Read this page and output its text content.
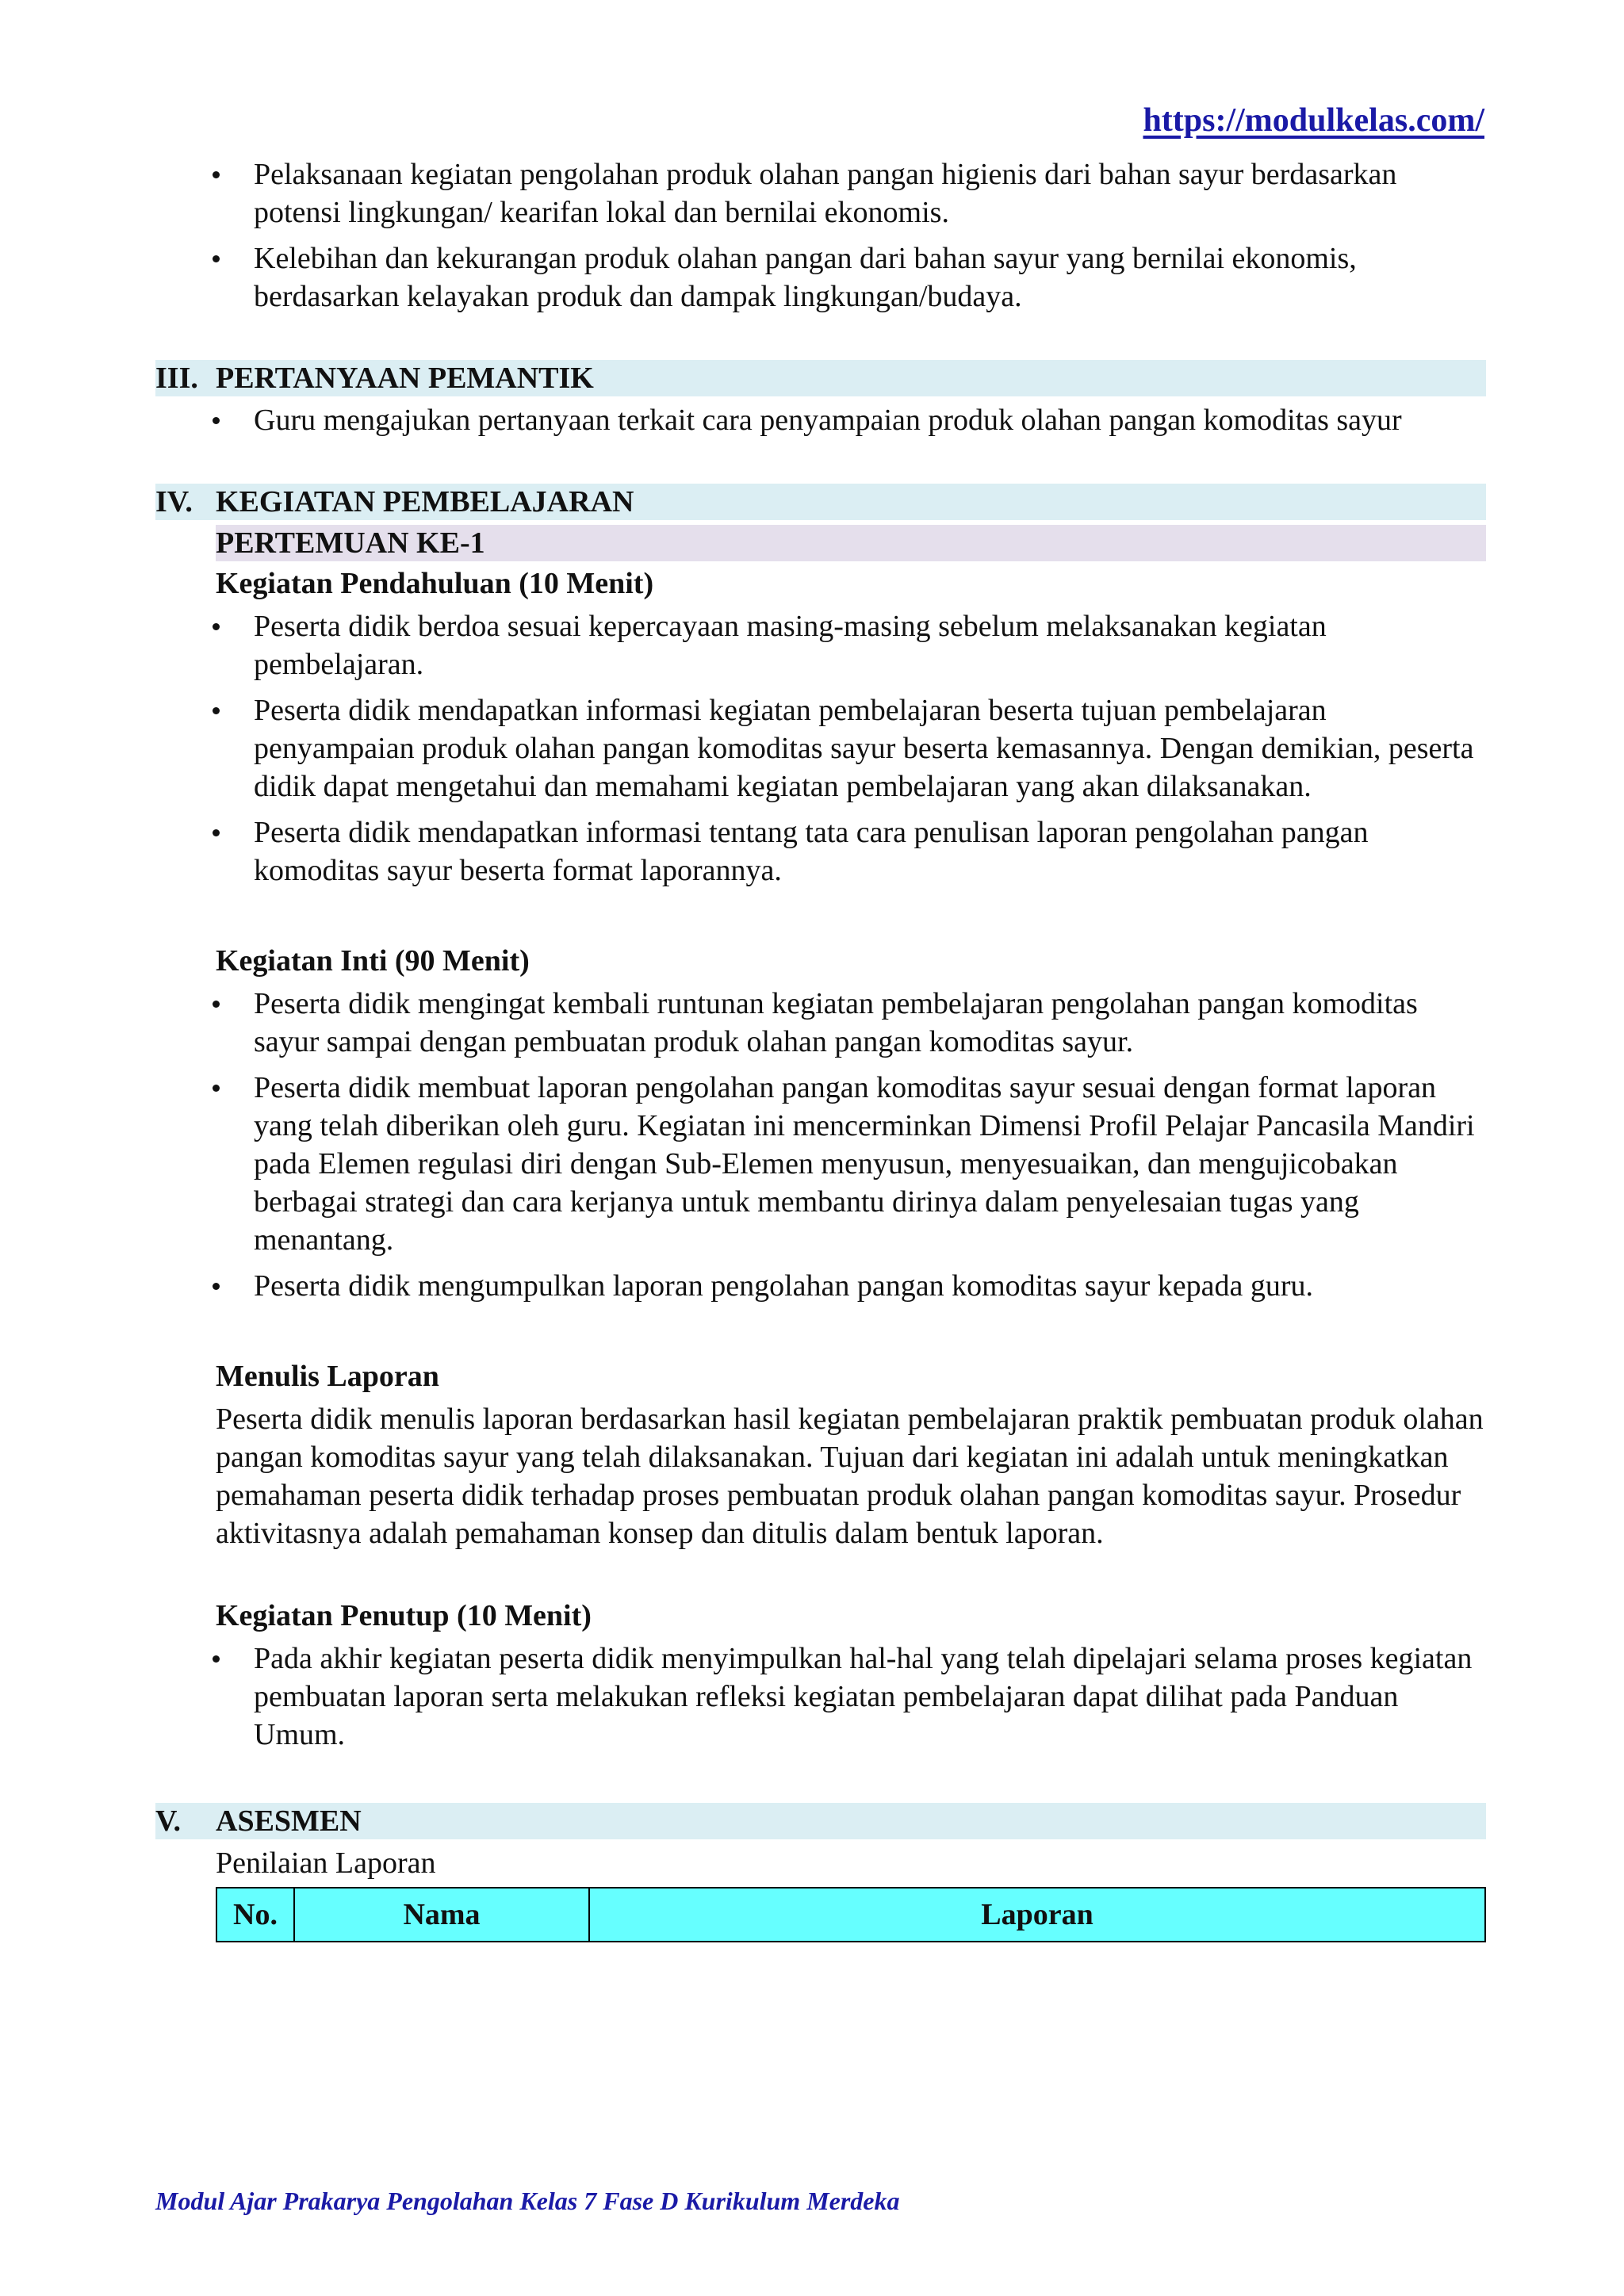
https://modulkelas.com/
Pelaksanaan kegiatan pengolahan produk olahan pangan higienis dari bahan sayur berdasarkan potensi lingkungan/ kearifan lokal dan bernilai ekonomis.
Kelebihan dan kekurangan produk olahan pangan dari bahan sayur yang bernilai ekonomis, berdasarkan kelayakan produk dan dampak lingkungan/budaya.
III. PERTANYAAN PEMANTIK
Guru mengajukan pertanyaan terkait cara penyampaian produk olahan pangan komoditas sayur
IV. KEGIATAN PEMBELAJARAN
PERTEMUAN KE-1
Kegiatan Pendahuluan (10 Menit)
Peserta didik berdoa sesuai kepercayaan masing-masing sebelum melaksanakan kegiatan pembelajaran.
Peserta didik mendapatkan informasi kegiatan pembelajaran beserta tujuan pembelajaran penyampaian produk olahan pangan komoditas sayur beserta kemasannya. Dengan demikian, peserta didik dapat mengetahui dan memahami kegiatan pembelajaran yang akan dilaksanakan.
Peserta didik mendapatkan informasi tentang tata cara penulisan laporan pengolahan pangan komoditas sayur beserta format laporannya.
Kegiatan Inti (90 Menit)
Peserta didik mengingat kembali runtunan kegiatan pembelajaran pengolahan pangan komoditas sayur sampai dengan pembuatan produk olahan pangan komoditas sayur.
Peserta didik membuat laporan pengolahan pangan komoditas sayur sesuai dengan format laporan yang telah diberikan oleh guru. Kegiatan ini mencerminkan Dimensi Profil Pelajar Pancasila Mandiri pada Elemen regulasi diri dengan Sub-Elemen menyusun, menyesuaikan, dan mengujicobakan berbagai strategi dan cara kerjanya untuk membantu dirinya dalam penyelesaian tugas yang menantang.
Peserta didik mengumpulkan laporan pengolahan pangan komoditas sayur kepada guru.
Menulis Laporan
Peserta didik menulis laporan berdasarkan hasil kegiatan pembelajaran praktik pembuatan produk olahan pangan komoditas sayur yang telah dilaksanakan. Tujuan dari kegiatan ini adalah untuk meningkatkan pemahaman peserta didik terhadap proses pembuatan produk olahan pangan komoditas sayur. Prosedur aktivitasnya adalah pemahaman konsep dan ditulis dalam bentuk laporan.
Kegiatan Penutup (10 Menit)
Pada akhir kegiatan peserta didik menyimpulkan hal-hal yang telah dipelajari selama proses kegiatan pembuatan laporan serta melakukan refleksi kegiatan pembelajaran dapat dilihat pada Panduan Umum.
V.	ASESMEN
Penilaian Laporan
No.	Nama	Laporan
Modul Ajar Prakarya Pengolahan Kelas 7 Fase D Kurikulum Merdeka
